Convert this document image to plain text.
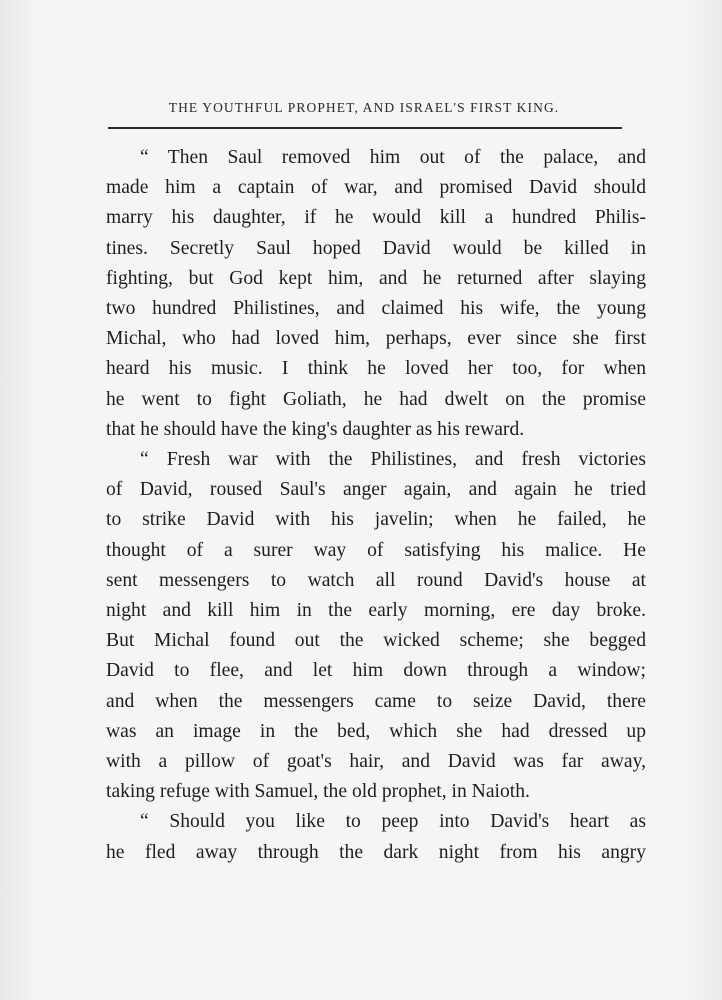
THE YOUTHFUL PROPHET, AND ISRAEL'S FIRST KING.
“ Then Saul removed him out of the palace, and
made him a captain of war, and promised David should
marry his daughter, if he would kill a hundred Philis-
tines. Secretly Saul hoped David would be killed in
fighting, but God kept him, and he returned after slaying
two hundred Philistines, and claimed his wife, the young
Michal, who had loved him, perhaps, ever since she first
heard his music. I think he loved her too, for when
he went to fight Goliath, he had dwelt on the promise
that he should have the king's daughter as his reward.
“ Fresh war with the Philistines, and fresh victories
of David, roused Saul's anger again, and again he tried
to strike David with his javelin; when he failed, he
thought of a surer way of satisfying his malice. He
sent messengers to watch all round David's house at
night and kill him in the early morning, ere day broke.
But Michal found out the wicked scheme; she begged
David to flee, and let him down through a window;
and when the messengers came to seize David, there
was an image in the bed, which she had dressed up
with a pillow of goat's hair, and David was far away,
taking refuge with Samuel, the old prophet, in Naioth.
“ Should you like to peep into David's heart as
he fled away through the dark night from his angry
